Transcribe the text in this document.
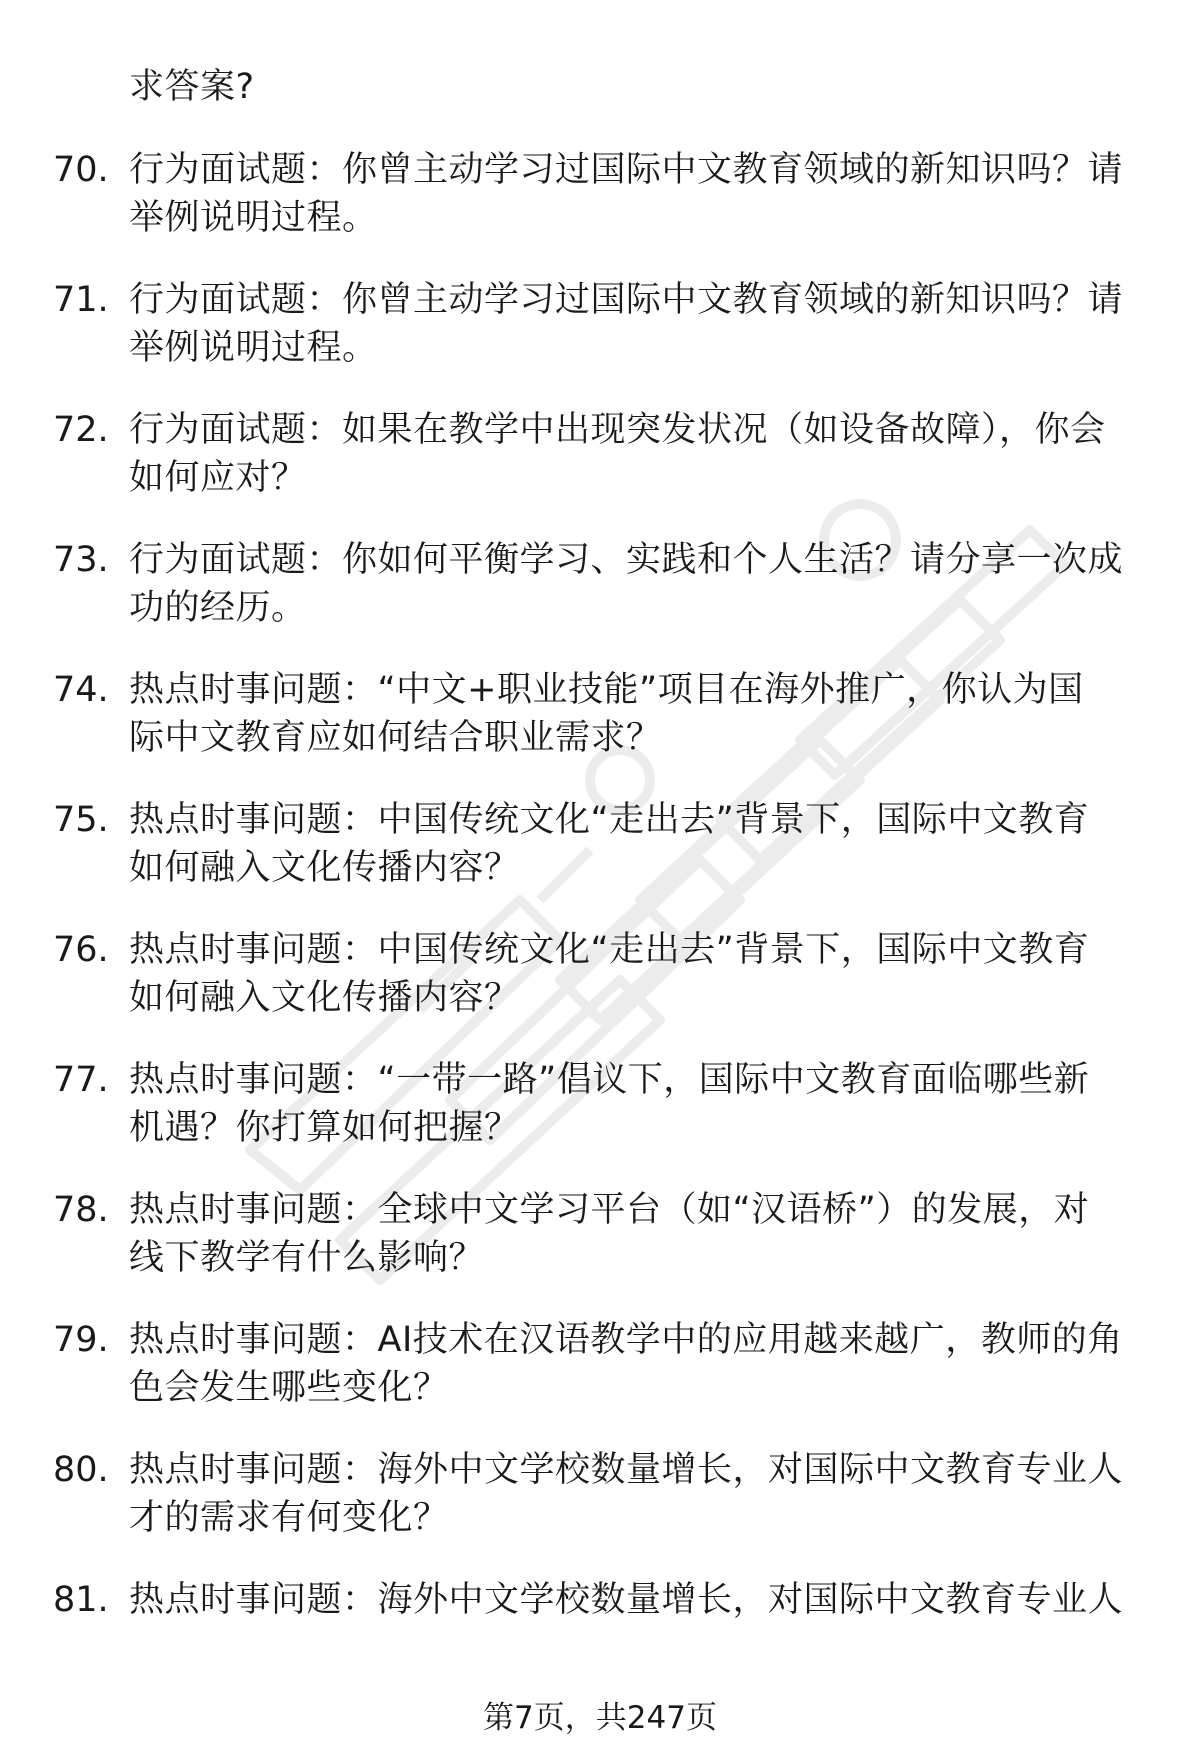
求答案?
70. 行为面试题：你曾主动学习过国际中文教育领域的新知识吗？请
举例说明过程。
71. 行为面试题：你曾主动学习过国际中文教育领域的新知识吗？请
举例说明过程。
72. 行为面试题：如果在教学中出现突发状况（如设备故障），你会
如何应对？
73. 行为面试题：你如何平衡学习、实践和个人生活？请分享一次成
功的经历。
74. 热点时事问题：“中文+职业技能”项目在海外推广，你认为国
际中文教育应如何结合职业需求？
75. 热点时事问题：中国传统文化“走出去”背景下，国际中文教育
如何融入文化传播内容？
76. 热点时事问题：中国传统文化“走出去”背景下，国际中文教育
如何融入文化传播内容？
77. 热点时事问题：“一带一路”倡议下，国际中文教育面临哪些新
机遇？你打算如何把握？
78. 热点时事问题：全球中文学习平台（如“汉语桥”）的发展，对
线下教学有什么影响？
79. 热点时事问题：AI技术在汉语教学中的应用越来越广，教师的角
色会发生哪些变化？
80. 热点时事问题：海外中文学校数量增长，对国际中文教育专业人
才的需求有何变化？
81. 热点时事问题：海外中文学校数量增长，对国际中文教育专业人
第7页，共247页
